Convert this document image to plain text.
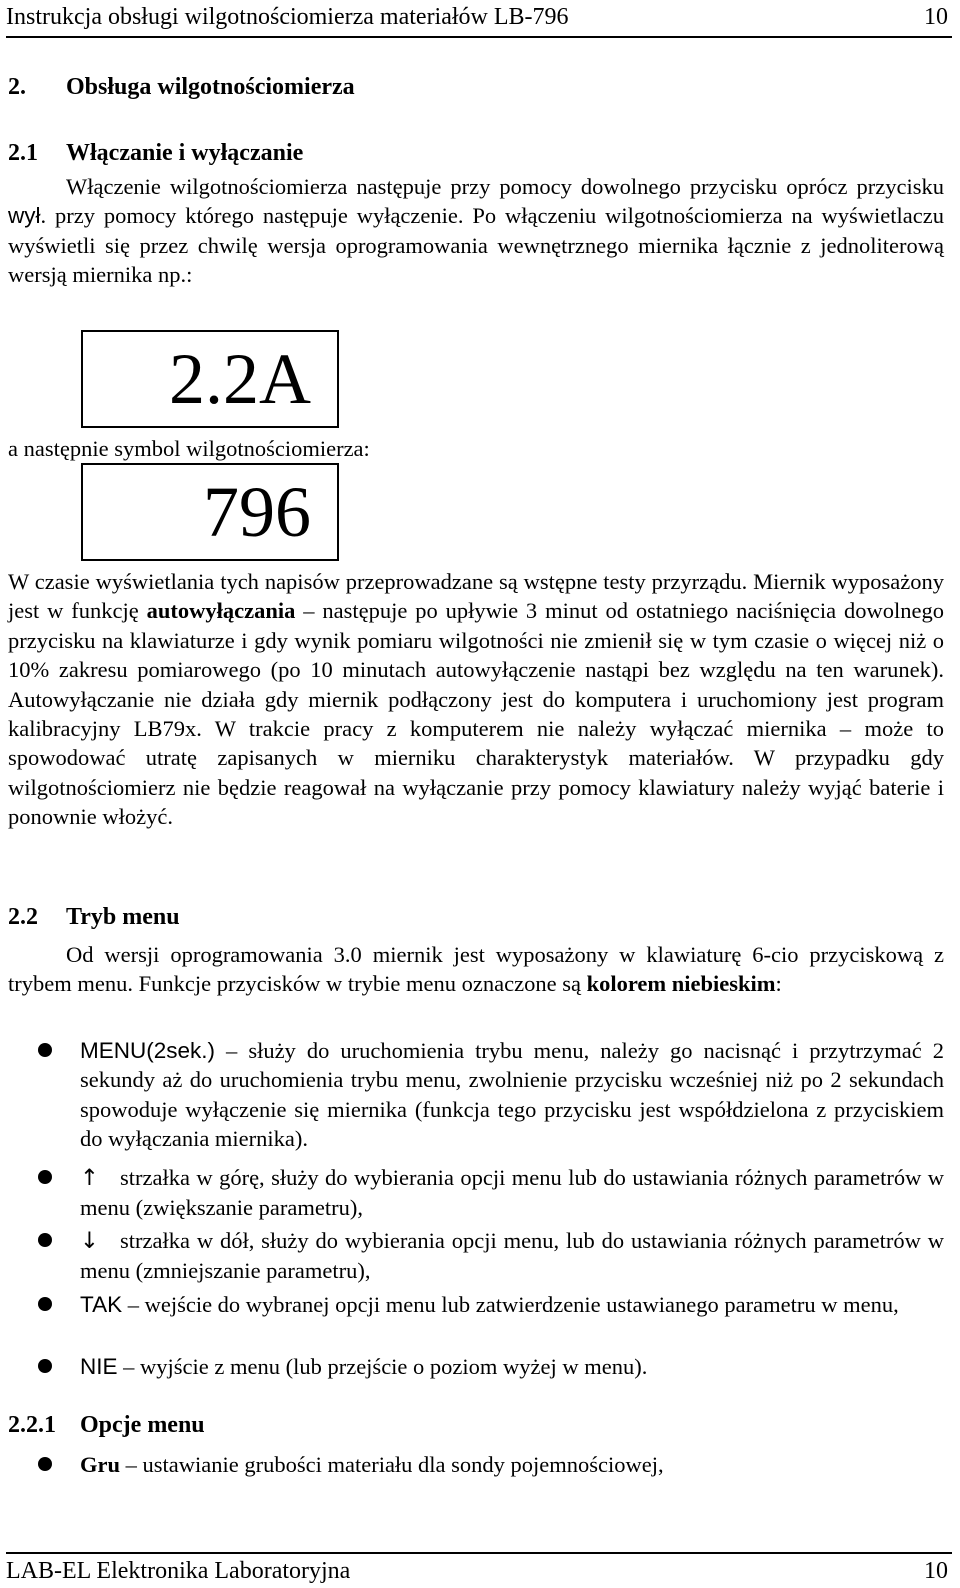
Instrukcja obsługi wilgotnościomierza materiałów LB-796	10
2. Obsługa wilgotnościomierza
2.1 Włączanie i wyłączanie
Włączenie wilgotnościomierza następuje przy pomocy dowolnego przycisku oprócz przycisku wył. przy pomocy którego następuje wyłączenie. Po włączeniu wilgotnościomierza na wyświetlaczu wyświetli się przez chwilę wersja oprogramowania wewnętrznego miernika łącznie z jednoliterową wersją miernika np.:
2.2A
a następnie symbol wilgotnościomierza:
796
W czasie wyświetlania tych napisów przeprowadzane są wstępne testy przyrządu. Miernik wyposażony jest w funkcję autowyłączania – następuje po upływie 3 minut od ostatniego naciśnięcia dowolnego przycisku na klawiaturze i gdy wynik pomiaru wilgotności nie zmienił się w tym czasie o więcej niż o 10% zakresu pomiarowego (po 10 minutach autowyłączenie nastąpi bez względu na ten warunek). Autowyłączanie nie działa gdy miernik podłączony jest do komputera i uruchomiony jest program kalibracyjny LB79x. W trakcie pracy z komputerem nie należy wyłączać miernika – może to spowodować utratę zapisanych w mierniku charakterystyk materiałów. W przypadku gdy wilgotnościomierz nie będzie reagował na wyłączanie przy pomocy klawiatury należy wyjąć baterie i ponownie włożyć.
2.2 Tryb menu
Od wersji oprogramowania 3.0 miernik jest wyposażony w klawiaturę 6-cio przyciskową z trybem menu. Funkcje przycisków w trybie menu oznaczone są kolorem niebieskim:
MENU(2sek.) – służy do uruchomienia trybu menu, należy go nacisnąć i przytrzymać 2 sekundy aż do uruchomienia trybu menu, zwolnienie przycisku wcześniej niż po 2 sekundach spowoduje wyłączenie się miernika (funkcja tego przycisku jest współdzielona z przyciskiem do wyłączania miernika).
↑ strzałka w górę, służy do wybierania opcji menu lub do ustawiania różnych parametrów w menu (zwiększanie parametru),
↓ strzałka w dół, służy do wybierania opcji menu, lub do ustawiania różnych parametrów w menu (zmniejszanie parametru),
TAK – wejście do wybranej opcji menu lub zatwierdzenie ustawianego parametru w menu,
NIE – wyjście z menu (lub przejście o poziom wyżej w menu).
2.2.1 Opcje menu
Gru – ustawianie grubości materiału dla sondy pojemnościowej,
LAB-EL Elektronika Laboratoryjna	10
